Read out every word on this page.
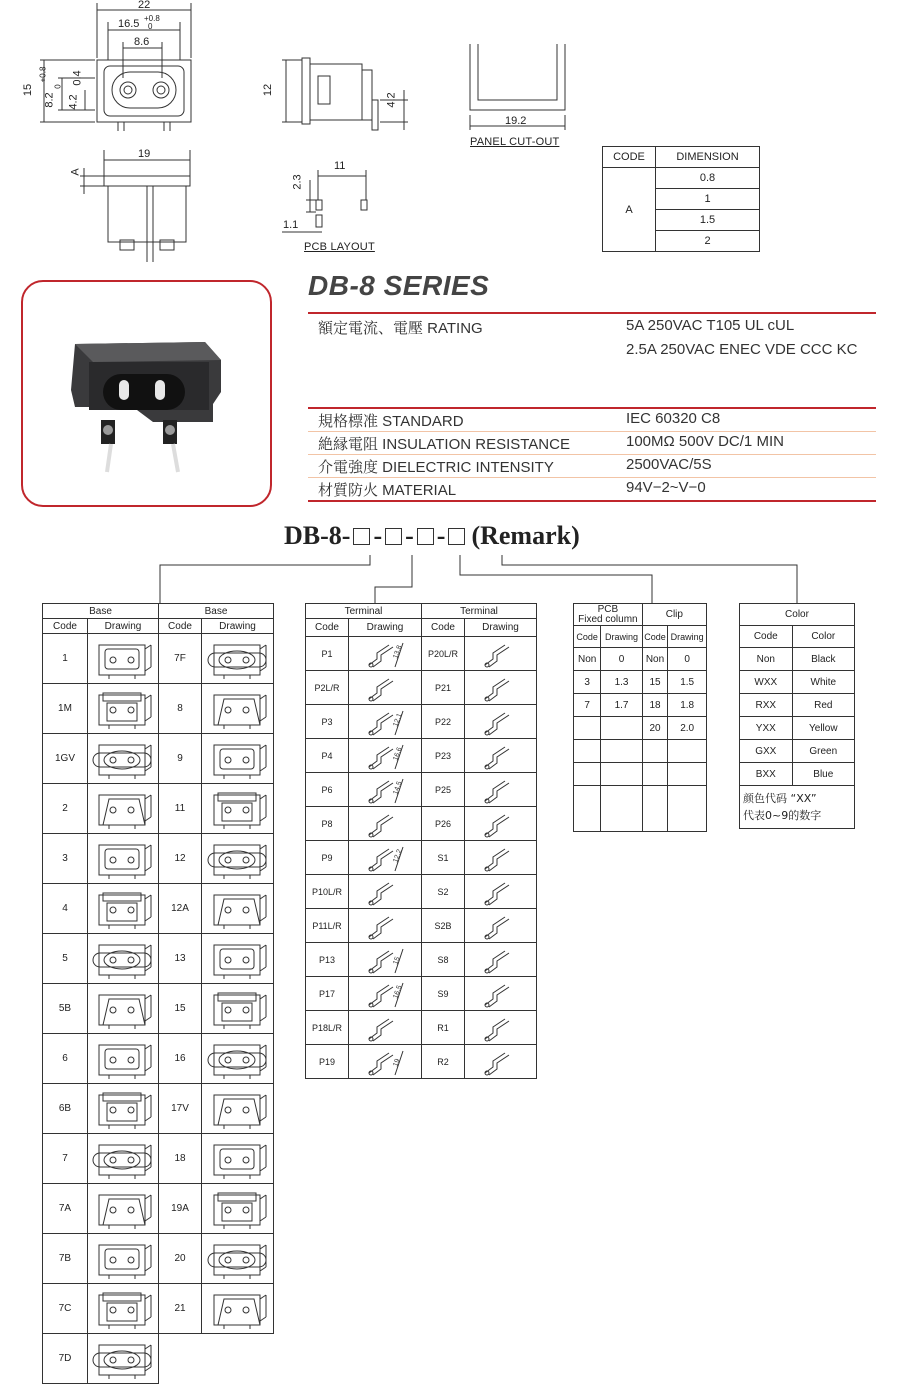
22
16.5 +0.8
0
8.6
15
8.2
+0.8
0
4.2
0.4
12
4.2
19.2
PANEL CUT-OUT
19
A	11
2.3
1.1
PCB LAYOUT
CODE	DIMENSION
A	0.8
	1
	1.5
	2
DB-8 SERIES
額定電流、電壓 RATING	5A 250VAC T105 UL cUL
2.5A 250VAC ENEC VDE CCC KC
規格標准 STANDARD	IEC 60320 C8
絶縁電阻 INSULATION RESISTANCE	100MΩ 500V DC/1 MIN
介電強度 DIELECTRIC INTENSITY	2500VAC/5S
材質防火 MATERIAL	94V−2~V−0
DB-8- - - - (Remark)
Base		Base	
Code	Drawing	Code	Drawing
1		7F	

1M		8	

1GV		9	

2		11	

3		12	

4		12A	

5		13	

5B		15	

6		16	

6B		17V	

7		18	

7A		19A	

7B		20	

7C		21	

7D	

Terminal		Terminal	
Code	Drawing	Code	Drawing
P1	13.8	P20L/R	

P2L/R		P21	

P3	12.1	P22	

P4	16.6	P23	

P6	14.5	P25	

P8		P26	

P9	12.2	S1	

P10L/R		S2	

P11L/R		S2B	

P13	15	S8	

P17	16.5	S9	

P18L/R		R1	

P19	19	R2	
PCB
Fixed column		Clip	
Code	Drawing	Code	Drawing
Non	0	Non	0
3	1.3	15	1.5
7	1.7	18	1.8
		20	2.0

Color	
Code	Color
Non	Black
WXX	White
RXX	Red
YXX	Yellow
GXX	Green
BXX	Blue
颜色代码 “XX”
代表0~9的数字	
